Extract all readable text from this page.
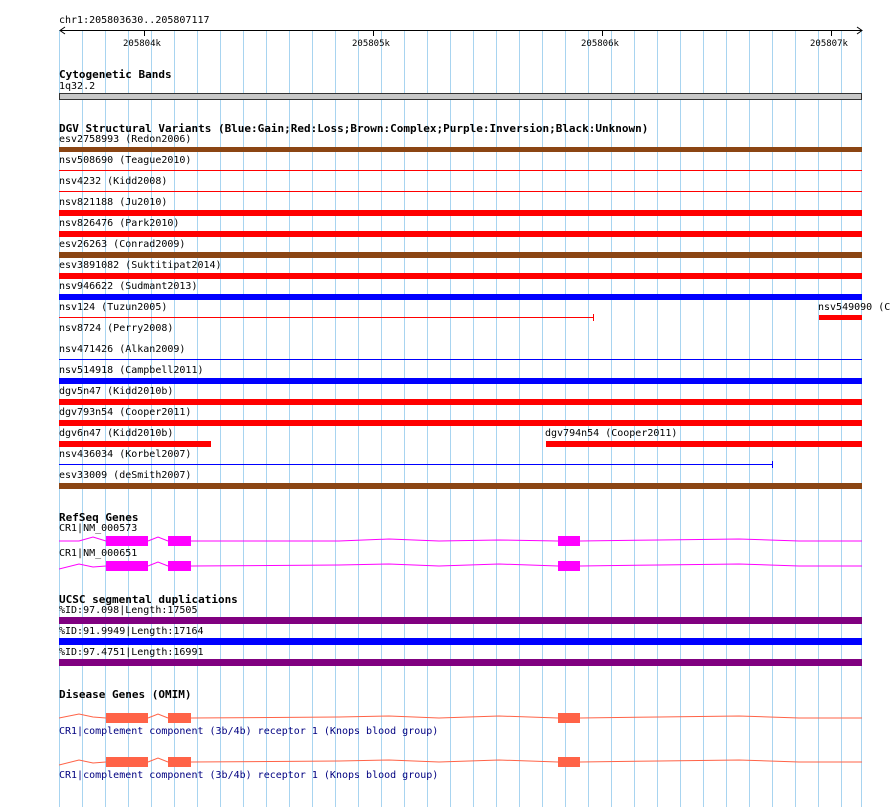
chr1:205803630..205807117
205804k	205805k	205806k	205807k
Cytogenetic Bands
1q32.2
DGV Structural Variants (Blue:Gain;Red:Loss;Brown:Complex;Purple:Inversion;Black:Unknown)
esv2758993 (Redon2006)
nsv508690 (Teague2010)
nsv4232 (Kidd2008)
nsv821188 (Ju2010)
nsv826476 (Park2010)
esv26263 (Conrad2009)
esv3891082 (Suktitipat2014)
nsv946622 (Sudmant2013)
nsv124 (Tuzun2005)	nsv549090 (C
nsv8724 (Perry2008)
nsv471426 (Alkan2009)
nsv514918 (Campbell2011)
dgv5n47 (Kidd2010b)
dgv793n54 (Cooper2011)
dgv6n47 (Kidd2010b)	dgv794n54 (Cooper2011)
nsv436034 (Korbel2007)
esv33009 (deSmith2007)
RefSeq Genes
CR1|NM_000573
CR1|NM_000651
UCSC segmental duplications
%ID:97.098|Length:17505
%ID:91.9949|Length:17164
%ID:97.4751|Length:16991
Disease Genes (OMIM)
CR1|complement component (3b/4b) receptor 1 (Knops blood group)
CR1|complement component (3b/4b) receptor 1 (Knops blood group)
